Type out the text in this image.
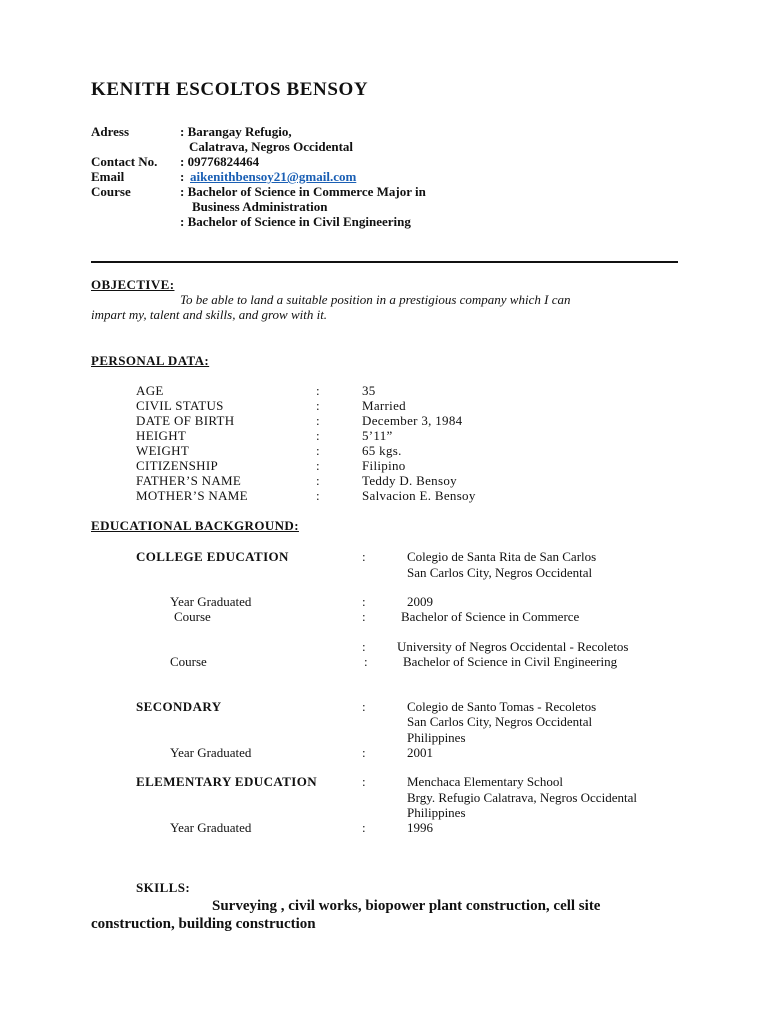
KENITH ESCOLTOS BENSOY
Adress	: Barangay Refugio,
Calatrava, Negros Occidental
Contact No. : 09776824464
Email	: aikenithbensoy21@gmail.com
Course	: Bachelor of Science in Commerce Major in
Business Administration
: Bachelor of Science in Civil Engineering
OBJECTIVE:
To be able to land a suitable position in a prestigious company which I can
impart my, talent and skills, and grow with it.
PERSONAL DATA:
AGE	:	35
CIVIL STATUS	:	Married
DATE OF BIRTH	:	December 3, 1984
HEIGHT	:	5’11”
WEIGHT	:	65 kgs.
CITIZENSHIP	:	Filipino
FATHER’S NAME	:	Teddy D. Bensoy
MOTHER’S NAME	:	Salvacion E. Bensoy
EDUCATIONAL BACKGROUND:
COLLEGE EDUCATION	:	Colegio de Santa Rita de San Carlos
San Carlos City, Negros Occidental
Year Graduated	:	2009
Course	:	Bachelor of Science in Commerce
: University of Negros Occidental - Recoletos
Course	:	Bachelor of Science in Civil Engineering
SECONDARY	:	Colegio de Santo Tomas - Recoletos
San Carlos City, Negros Occidental
Philippines
Year Graduated	:	2001
ELEMENTARY EDUCATION	:	Menchaca Elementary School
Brgy. Refugio Calatrava, Negros Occidental
Philippines
Year Graduated	:	1996
SKILLS:
Surveying , civil works, biopower plant construction, cell site
construction, building construction
